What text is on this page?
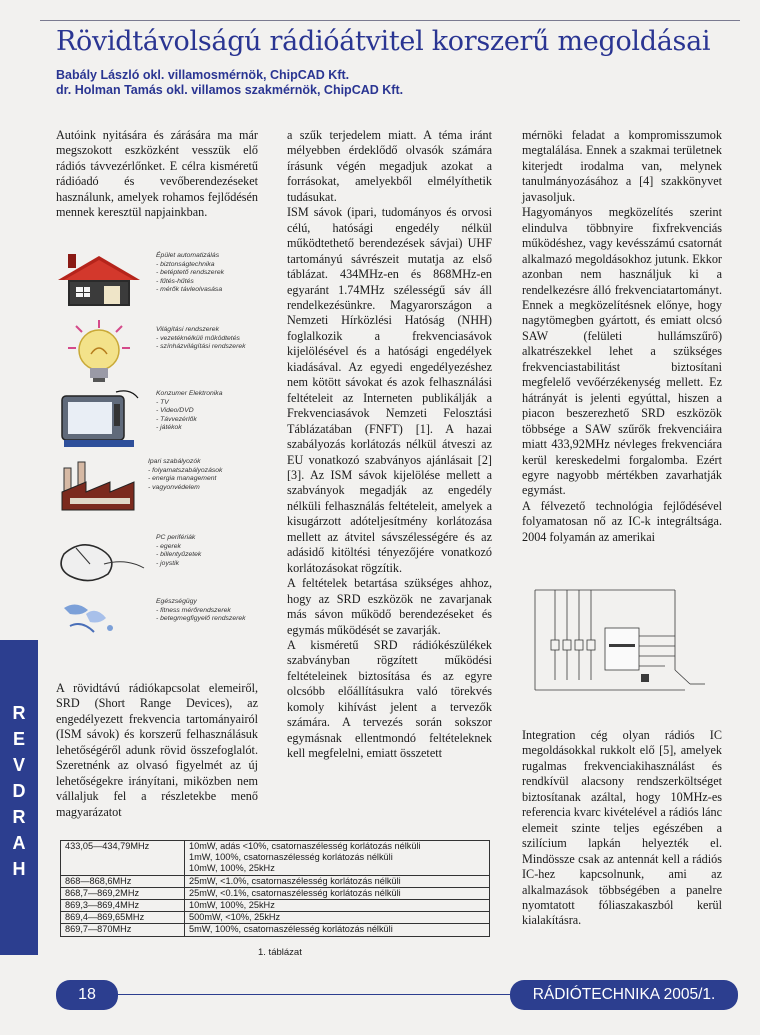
Rövidtávolságú rádióátvitel korszerű megoldásai
Babály László okl. villamosmérnök, ChipCAD Kft.
dr. Holman Tamás okl. villamos szakmérnök, ChipCAD Kft.
R
E
V
D
R
A
H

Autóink nyitására és zárására ma már megszokott eszközként vesszük elő rádiós távvezérlőnket. E célra kisméretű rádióadó és vevőberendezéseket használunk, amelyek rohamos fejlődésén mennek keresztül napjainkban.

Épület automatizálás
- biztonságtechnika
- betéptető rendszerek
- fűtés-hűtés
- mérők távleolvasása
Világítási rendszerek
- vezetéknélküli működtetés
- színházvilágítási rendszerek
Konzumer Elektronika
- TV
- Video/DVD
- Távvezérlők
- játékok
Ipari szabályozók
- folyamatszabályozások
- energia management
- vagyonvédelem
PC perifériák
- egerek
- billentyűzetek
- joystik
Egészségügy
- fitness mérőrendszerek
- betegmegfigyelő rendszerek

A rövidtávú rádiókapcsolat elemeiről, SRD (Short Range Devices), az engedélyezett frekvencia tartományairól (ISM sávok) és korszerű felhasználásuk lehetőségéről adunk rövid összefoglalót. Szeretnénk az olvasó figyelmét az új lehetőségekre irányítani, miközben nem vállaljuk fel a részletekbe menő magyarázatot

a szűk terjedelem miatt. A téma iránt mélyebben érdeklődő olvasók számára írásunk végén megadjuk azokat a forrásokat, amelyekből elmélyíthetik tudásukat.

ISM sávok (ipari, tudományos és orvosi célú, hatósági engedély nélkül működtethető berendezések sávjai) UHF tartományú sávrészeit mutatja az első táblázat. 434MHz-en és 868MHz-en egyaránt 1.74MHz szélességű sáv áll rendelkezésünkre. Magyarországon a Nemzeti Hírközlési Hatóság (NHH) foglalkozik a frekvenciasávok kijelölésével és a hatósági engedélyek kiadásával. Az egyedi engedélyezéshez nem kötött sávokat és azok felhasználási feltételeit az Interneten publikálják a Frekvenciasávok Nemzeti Felosztási Táblázatában (FNFT) [1]. A hazai szabályozás korlátozás nélkül átveszi az EU vonatkozó szabványos ajánlásait [2] [3]. Az ISM sávok kijelölése mellett a szabványok megadják az engedély nélküli felhasználás feltételeit, amelyek a kisugárzott adóteljesítmény korlátozása mellett az átvitel sávszélességére és az adásidő kitöltési tényezőjére vonatkozó korlátozásokat rögzítik.

A feltételek betartása szükséges ahhoz, hogy az SRD eszközök ne zavarjanak más sávon működő berendezéseket és egymás működését se zavarják.

A kisméretű SRD rádiókészülékek szabványban rögzített működési feltételeinek biztosítása és az egyre olcsóbb előállításukra való törekvés komoly kihívást jelent a tervezők számára. A tervezés során sokszor egymásnak ellentmondó feltételeknek kell megfelelni, emiatt összetett

mérnöki feladat a kompromisszumok megtalálása. Ennek a szakmai területnek kiterjedt irodalma van, melynek tanulmányozásához a [4] szakkönyvet javasoljuk.

Hagyományos megközelítés szerint elindulva többnyire fixfrekvenciás működéshez, vagy kevésszámú csatornát alkalmazó megoldásokhoz jutunk. Ekkor azonban nem használjuk ki a rendelkezésre álló frekvenciatartományt. Ennek a megközelítésnek előnye, hogy nagytömegben gyártott, és emiatt olcsó SAW (felületi hullámszűrő) alkatrészekkel lehet a szükséges frekvenciastabilitást biztosítani megfelelő vevőérzékenység mellett. Ez hátrányát is jelenti egyúttal, hiszen a piacon beszerezhető SRD eszközök többsége a SAW szűrők frekvenciáira miatt 433,92MHz névleges frekvenciára kerül kereskedelmi forgalomba. Ezért egyre nagyobb mértékben zavarhatják egymást.

A félvezető technológia fejlődésével folyamatosan nő az IC-k integráltsága. 2004 folyamán az amerikai

Integration cég olyan rádiós IC megoldásokkal rukkolt elő [5], amelyek rugalmas frekvenciakihasználást és rendkívül alacsony rendszerköltséget biztosítanak azáltal, hogy 10MHz-es referencia kvarc kivételével a rádiós lánc elemeit szinte teljes egészében a szilícium lapkán helyezték el. Mindössze csak az antennát kell a rádiós IC-hez kapcsolnunk, ami az alkalmazások többségében a panelre nyomtatott fóliaszakaszból kerül kialakításra.

433,05—434,79MHz	10mW, adás <10%, csatornaszélesség korlátozás nélküli
1mW, 100%, csatornaszélesség korlátozás nélküli
10mW, 100%, 25kHz
868—868,6MHz	25mW, <1.0%, csatornaszélesség korlátozás nélküli
868,7—869,2MHz	25mW, <0.1%, csatornaszélesség korlátozás nélküli
869,3—869,4MHz	10mW, 100%, 25kHz
869,4—869,65MHz	500mW, <10%, 25kHz
869,7—870MHz	5mW, 100%, csatornaszélesség korlátozás nélküli
1. táblázat
18	RÁDIÓTECHNIKA 2005/1.
